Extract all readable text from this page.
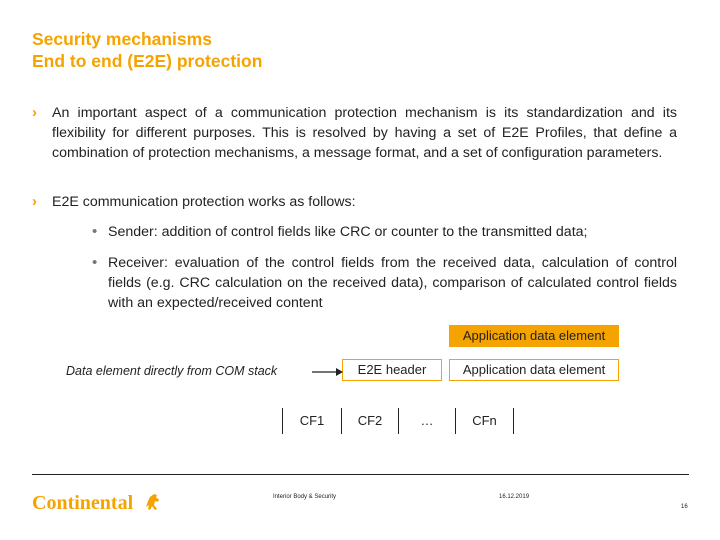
Security mechanisms
End to end (E2E) protection
› An important aspect of a communication protection mechanism is its standardization and its flexibility for different purposes. This is resolved by having a set of E2E Profiles, that define a combination of protection mechanisms, a message format, and a set of configuration parameters.
› E2E communication protection works as follows:
• Sender: addition of control fields like CRC or counter to the transmitted data;
• Receiver: evaluation of the control fields from the received data, calculation of control fields (e.g. CRC calculation on the received data), comparison of calculated control fields with an expected/received content
Application data element
E2E header	Application data element
Data element directly from COM stack
CF1	CF2	…	CFn
Continental	Interior Body & Security	16.12.2019
16
